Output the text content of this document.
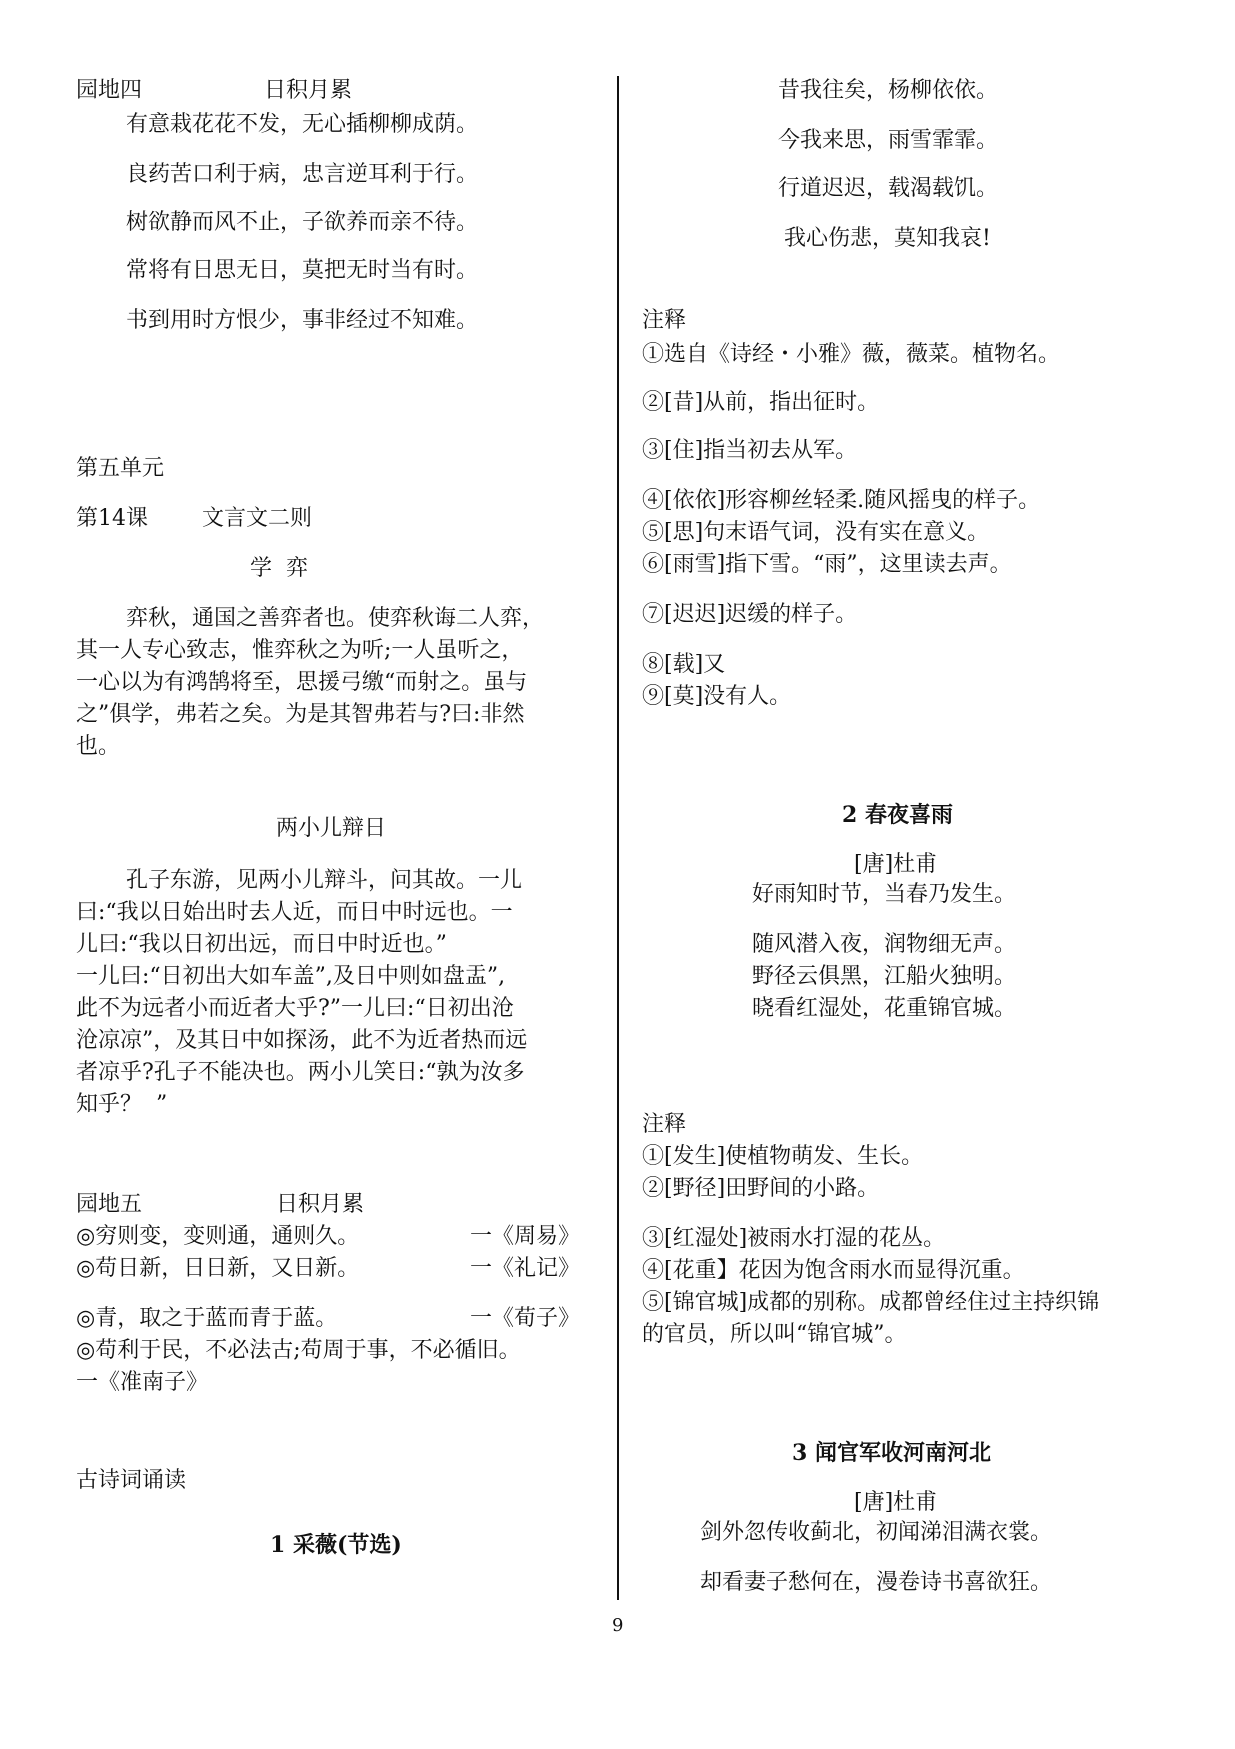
园地四	日积月累
有意栽花花不发，无心插柳柳成荫。
良药苦口利于病，忠言逆耳利于行。
树欲静而风不止，子欲养而亲不待。
常将有日思无日，莫把无时当有时。
书到用时方恨少，事非经过不知难。
第五单元
第14课 文言文二则
学  弈
弈秋，通国之善弈者也。使弈秋诲二人弈，
其一人专心致志，惟弈秋之为听;一人虽听之，
一心以为有鸿鹄将至，思援弓缴“而射之。虽与
之”俱学，弗若之矣。为是其智弗若与?曰:非然
也。
两小儿辩日
孔子东游，见两小儿辩斗，问其故。一儿
曰:“我以日始出时去人近，而日中时远也。一
儿曰:“我以日初出远，而日中时近也。”
一儿曰:“日初出大如车盖”,及日中则如盘盂”,
此不为远者小而近者大乎?”一儿曰:“日初出沧
沧凉凉”，及其日中如探汤，此不为近者热而远
者凉乎?孔子不能决也。两小儿笑日:“孰为汝多
知乎？  ”
园地五	日积月累
◎穷则变，变则通，通则久。	一《周易》
◎苟日新，日日新，又日新。	一《礼记》
◎青，取之于蓝而青于蓝。	一《荀子》
◎苟利于民，不必法古;苟周于事，不必循旧。
一《准南子》
古诗词诵读
1 采薇(节选)
昔我往矣，杨柳依依。
今我来思，雨雪霏霏。
行道迟迟，载渴载饥。
我心伤悲，莫知我哀!
注释
①选自《诗经・小雅》薇，薇菜。植物名。
②[昔]从前，指出征时。
③[住]指当初去从军。
④[依依]形容柳丝轻柔.随风摇曳的样子。
⑤[思]句末语气词，没有实在意义。
⑥[雨雪]指下雪。“雨”，这里读去声。
⑦[迟迟]迟缓的样子。
⑧[载]又
⑨[莫]没有人。
2 春夜喜雨
[唐]杜甫
好雨知时节，当春乃发生。
随风潜入夜，润物细无声。
野径云俱黑，江船火独明。
晓看红湿处，花重锦官城。
注释
①[发生]使植物萌发、生长。
②[野径]田野间的小路。
③[红湿处]被雨水打湿的花丛。
④[花重】花因为饱含雨水而显得沉重。
⑤[锦官城]成都的别称。成都曾经住过主持织锦
的官员，所以叫“锦官城”。
3 闻官军收河南河北
[唐]杜甫
剑外忽传收蓟北，初闻涕泪满衣裳。
却看妻子愁何在，漫卷诗书喜欲狂。
9
